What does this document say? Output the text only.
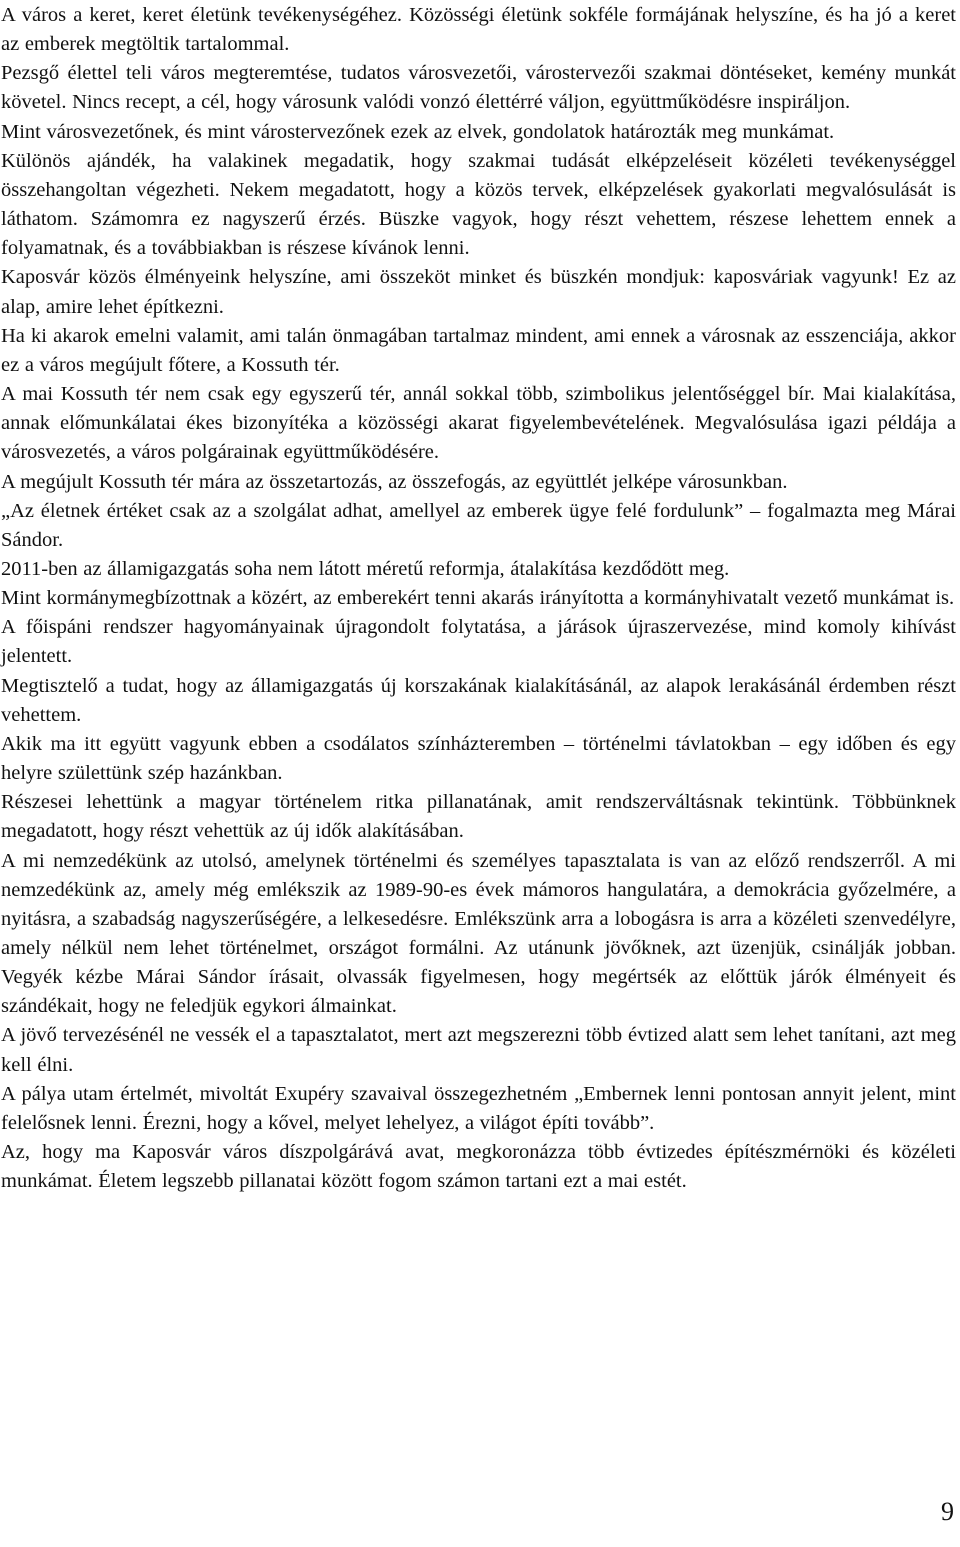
A város a keret, keret életünk tevékenységéhez. Közösségi életünk sokféle formájának helyszíne, és ha jó a keret az emberek megtöltik tartalommal.

Pezsgő élettel teli város megteremtése, tudatos városvezetői, várostervezői szakmai döntéseket, kemény munkát követel. Nincs recept, a cél, hogy városunk valódi vonzó élettérré váljon, együttműködésre inspiráljon.

Mint városvezetőnek, és mint várostervezőnek ezek az elvek, gondolatok határozták meg munkámat.

Különös ajándék, ha valakinek megadatik, hogy szakmai tudását elképzeléseit közéleti tevékenységgel összehangoltan végezheti. Nekem megadatott, hogy a közös tervek, elképzelések gyakorlati megvalósulását is láthatom. Számomra ez nagyszerű érzés. Büszke vagyok, hogy részt vehettem, részese lehettem ennek a folyamatnak, és a továbbiakban is részese kívánok lenni.

Kaposvár közös élményeink helyszíne, ami összeköt minket és büszkén mondjuk: kaposváriak vagyunk! Ez az alap, amire lehet építkezni.

Ha ki akarok emelni valamit, ami talán önmagában tartalmaz mindent, ami ennek a városnak az esszenciája, akkor ez a város megújult főtere, a Kossuth tér.

A mai Kossuth tér nem csak egy egyszerű tér, annál sokkal több, szimbolikus jelentőséggel bír. Mai kialakítása, annak előmunkálatai ékes bizonyítéka a közösségi akarat figyelembevételének. Megvalósulása igazi példája a városvezetés, a város polgárainak együttműködésére.

A megújult Kossuth tér mára az összetartozás, az összefogás, az együttlét jelképe városunkban.

„Az életnek értéket csak az a szolgálat adhat, amellyel az emberek ügye felé fordulunk” – fogalmazta meg Márai Sándor.

2011-ben az államigazgatás soha nem látott méretű reformja, átalakítása kezdődött meg.

Mint kormánymegbízottnak a közért, az emberekért tenni akarás irányította a kormányhivatalt vezető munkámat is.

A főispáni rendszer hagyományainak újragondolt folytatása, a járások újraszervezése, mind komoly kihívást jelentett.

Megtisztelő a tudat, hogy az államigazgatás új korszakának kialakításánál, az alapok lerakásánál érdemben részt vehettem.

Akik ma itt együtt vagyunk ebben a csodálatos színházteremben – történelmi távlatokban – egy időben és egy helyre születtünk szép hazánkban.

Részesei lehettünk a magyar történelem ritka pillanatának, amit rendszerváltásnak tekintünk. Többünknek megadatott, hogy részt vehettük az új idők alakításában.

A mi nemzedékünk az utolsó, amelynek történelmi és személyes tapasztalata is van az előző rendszerről. A mi nemzedékünk az, amely még emlékszik az 1989-90-es évek mámoros hangulatára, a demokrácia győzelmére, a nyitásra, a szabadság nagyszerűségére, a lelkesedésre. Emlékszünk arra a lobogásra is arra a közéleti szenvedélyre, amely nélkül nem lehet történelmet, országot formálni. Az utánunk jövőknek, azt üzenjük, csinálják jobban. Vegyék kézbe Márai Sándor írásait, olvassák figyelmesen, hogy megértsék az előttük járók élményeit és szándékait, hogy ne feledjük egykori álmainkat.

A jövő tervezésénél ne vessék el a tapasztalatot, mert azt megszerezni több évtized alatt sem lehet tanítani, azt meg kell élni.

A pálya utam értelmét, mivoltát Exupéry szavaival összegezhetném „Embernek lenni pontosan annyit jelent, mint felelősnek lenni. Érezni, hogy a kővel, melyet lehelyez, a világot építi tovább”.

Az, hogy ma Kaposvár város díszpolgárává avat, megkoronázza több évtizedes építészmérnöki és közéleti munkámat. Életem legszebb pillanatai között fogom számon tartani ezt a mai estét.

9
